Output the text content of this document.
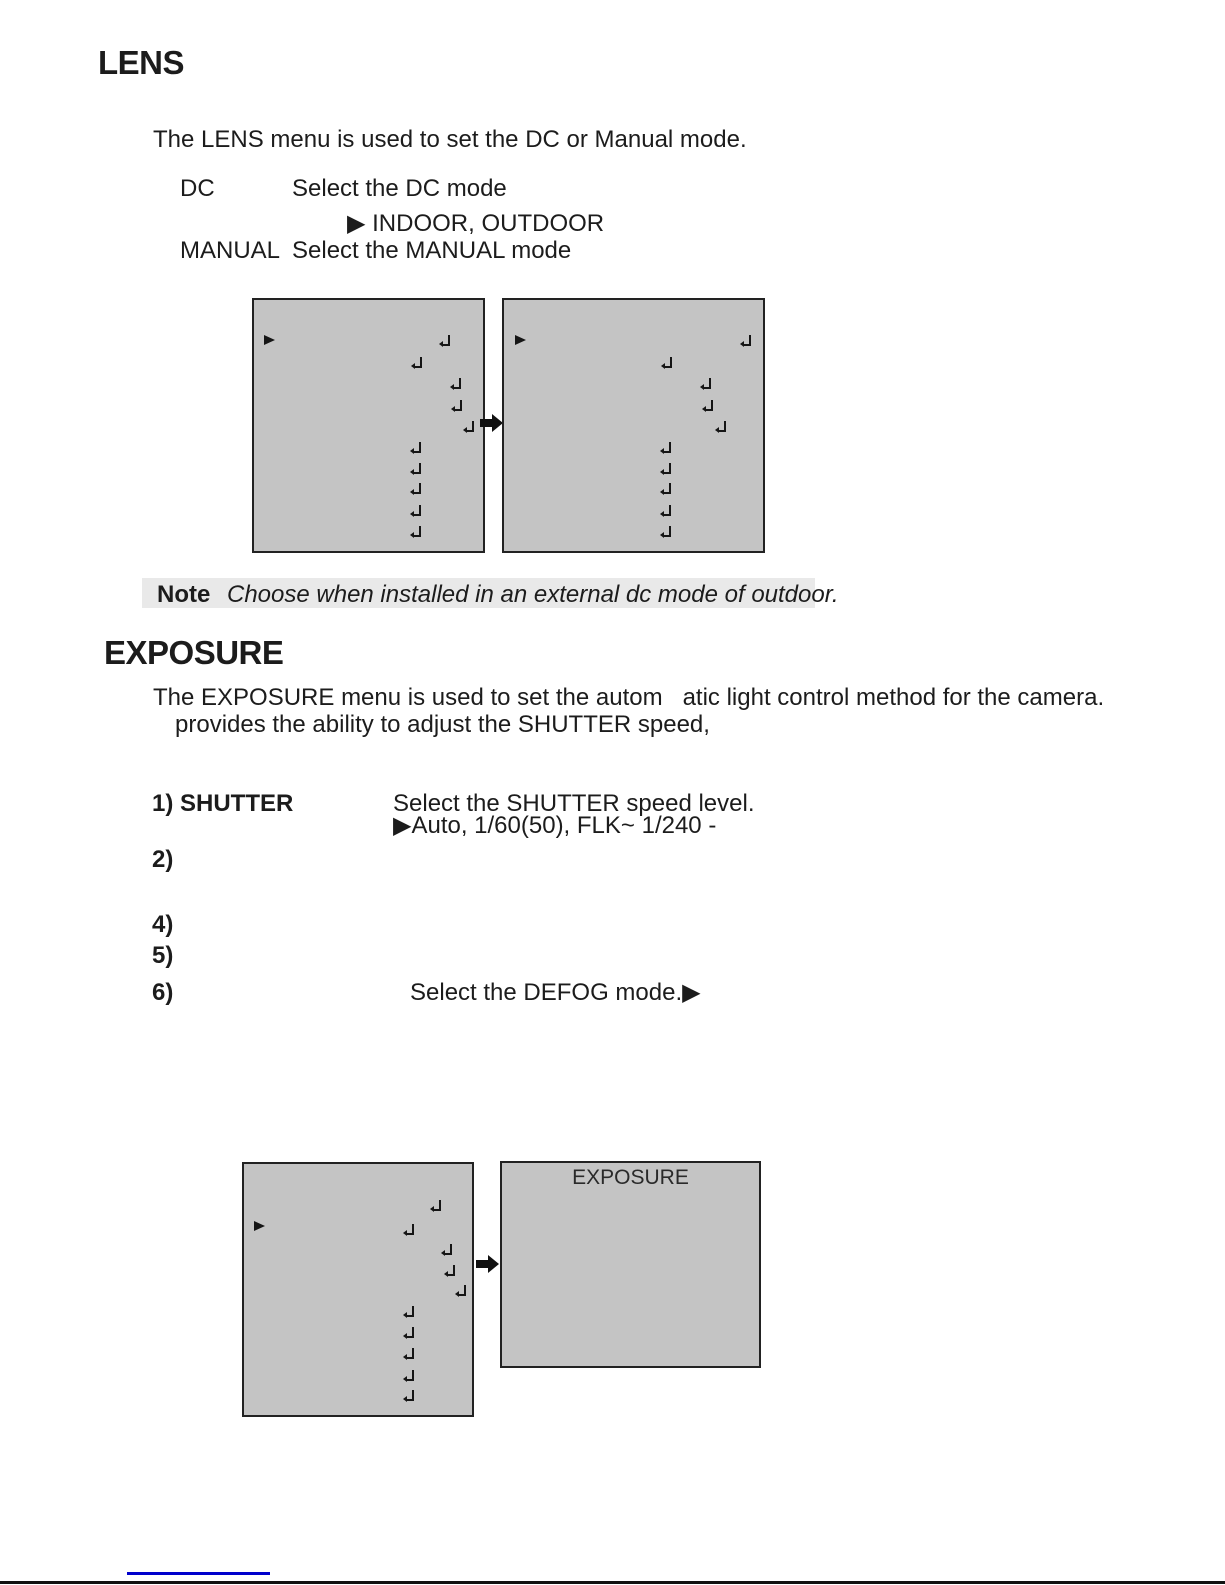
LENS
The LENS menu is used to set the DC or Manual mode.
DC	Select the DC mode
▶ INDOOR, OUTDOOR
MANUAL Select the MANUAL mode
Note Choose when installed in an external dc mode of outdoor.
EXPOSURE
The EXPOSURE menu is used to set the autom   atic light control method for the camera.
provides the ability to adjust the SHUTTER speed,
1) SHUTTER	Select the SHUTTER speed level.
▶Auto, 1/60(50), FLK~ 1/240 -
2)
4)
5)
6)	Select the DEFOG mode.▶
EXPOSURE
